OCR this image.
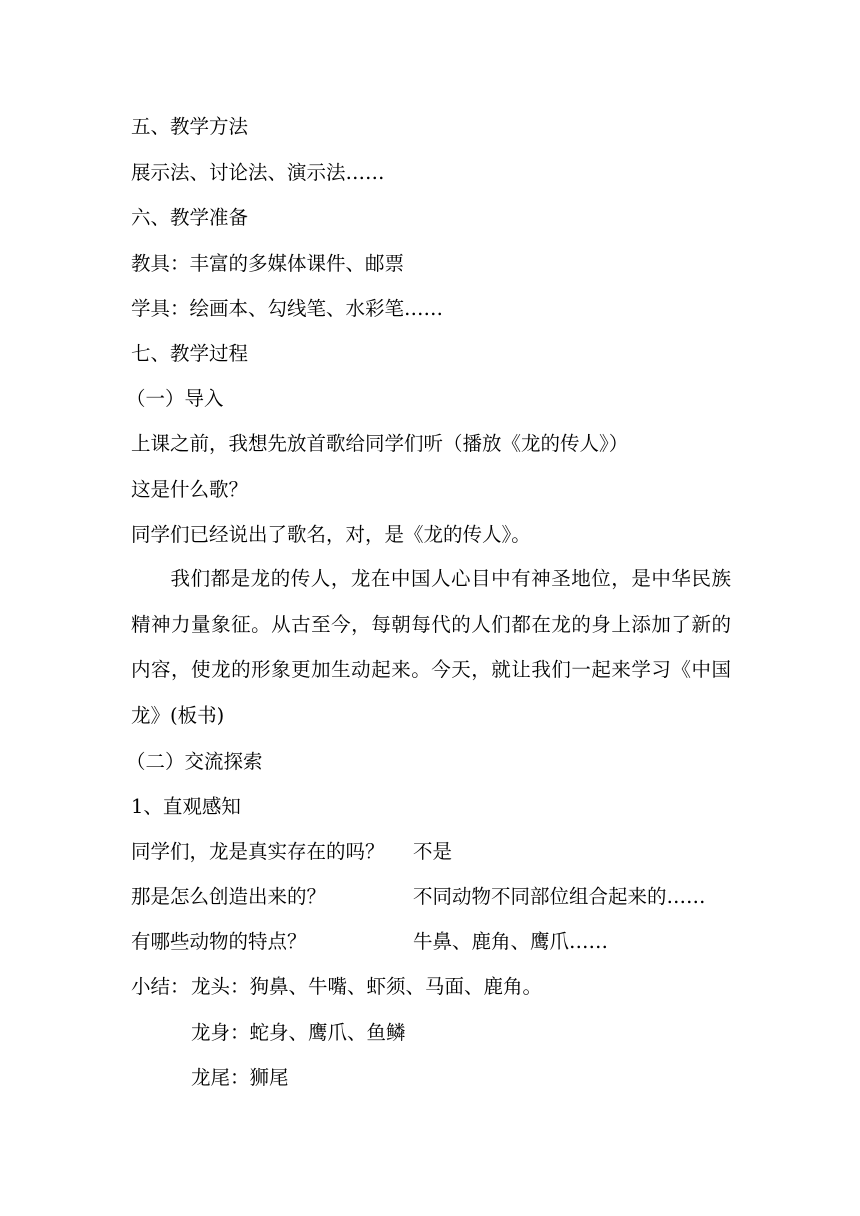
五、教学方法
展示法、讨论法、演示法……
六、教学准备
教具：丰富的多媒体课件、邮票
学具：绘画本、勾线笔、水彩笔……
七、教学过程
（一）导入
上课之前，我想先放首歌给同学们听（播放《龙的传人》）
这是什么歌？
同学们已经说出了歌名，对，是《龙的传人》。
我们都是龙的传人，龙在中国人心目中有神圣地位，是中华民族精神力量象征。从古至今，每朝每代的人们都在龙的身上添加了新的内容，使龙的形象更加生动起来。今天，就让我们一起来学习《中国龙》(板书)
（二）交流探索
1、直观感知
同学们，龙是真实存在的吗？ 不是
那是怎么创造出来的？	不同动物不同部位组合起来的……
有哪些动物的特点？	牛鼻、鹿角、鹰爪……
小结： 龙头：狗鼻、牛嘴、虾须、马面、鹿角。
龙身：蛇身、鹰爪、鱼鳞
龙尾：狮尾
